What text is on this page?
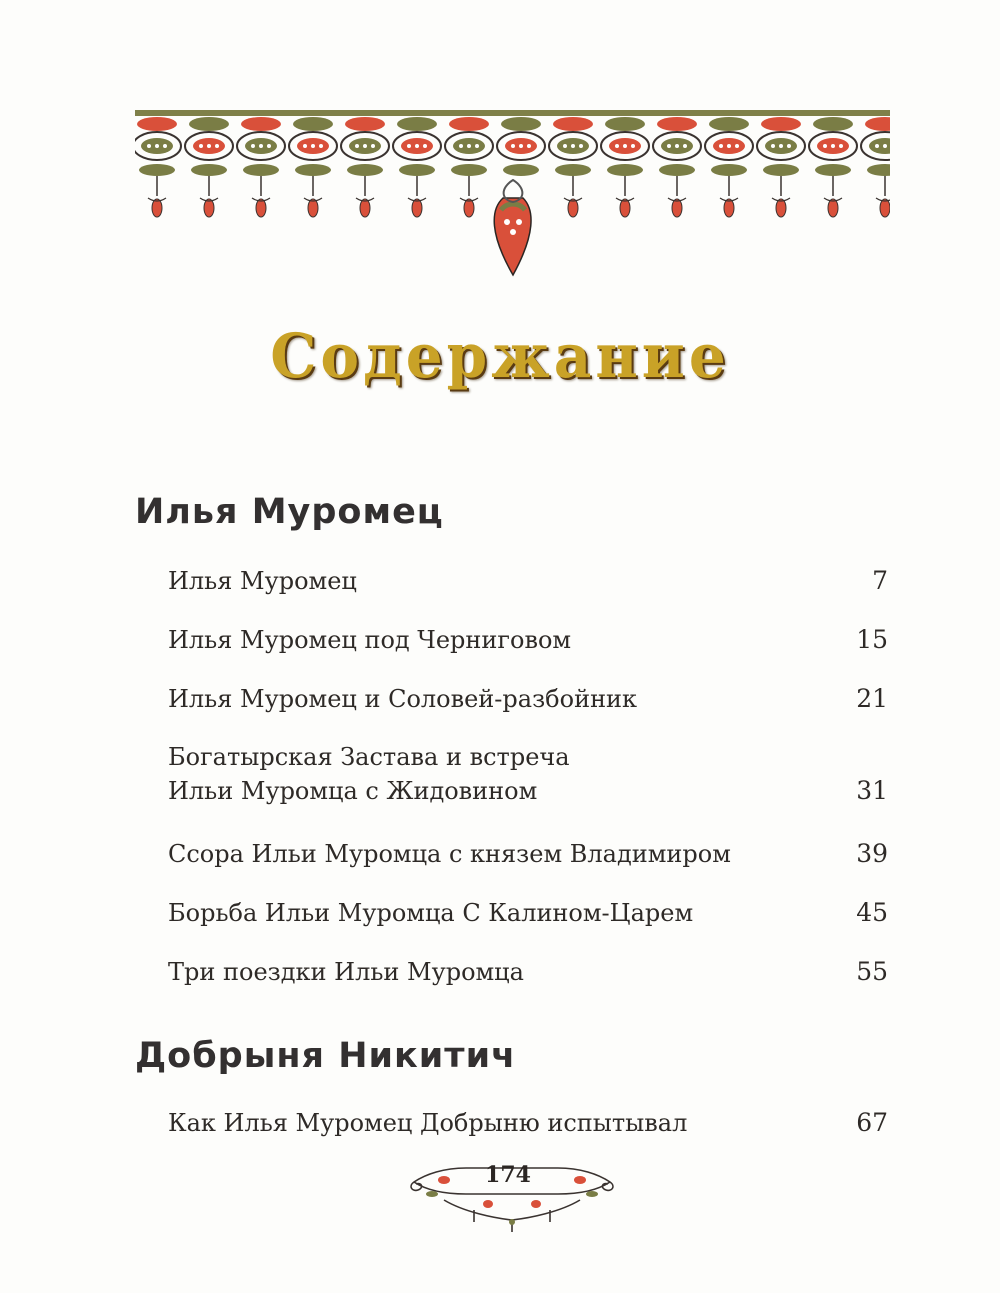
Содержание
Илья Муромец
Илья Муромец	7
Илья Муромец под Черниговом	15
Илья Муромец и Соловей-разбойник	21
Богатырская Застава и встреча
Ильи Муромца с Жидовином	31
Ссора Ильи Муромца с князем Владимиром	39
Борьба Ильи Муромца С Калином-Царем	45
Три поездки Ильи Муромца	55
Добрыня Никитич
Как Илья Муромец Добрыню испытывал	67
174
